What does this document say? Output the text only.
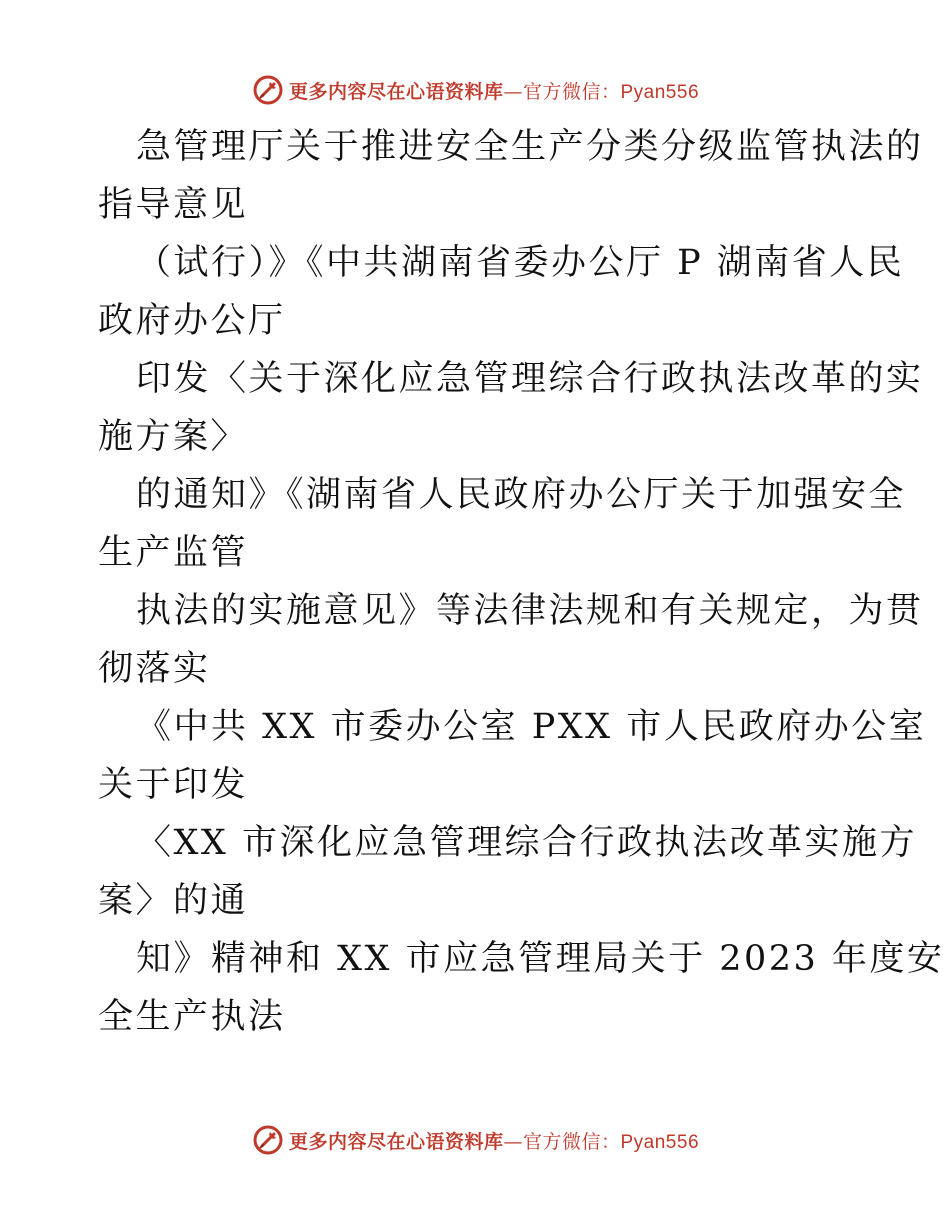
更多内容尽在心语资料库 — 官方微信： Pyan556
急管理厅关于推进安全生产分类分级监管执法的
指导意见
（试行）》《中共湖南省委办公厅 P 湖南省人民
政府办公厅
印发〈关于深化应急管理综合行政执法改革的实
施方案〉
的通知》《湖南省人民政府办公厅关于加强安全
生产监管
执法的实施意见》等法律法规和有关规定，为贯
彻落实
《中共 XX 市委办公室 PXX 市人民政府办公室
关于印发
〈XX 市深化应急管理综合行政执法改革实施方
案〉的通
知》精神和 XX 市应急管理局关于 2023 年度安
全生产执法
更多内容尽在心语资料库 — 官方微信： Pyan556
